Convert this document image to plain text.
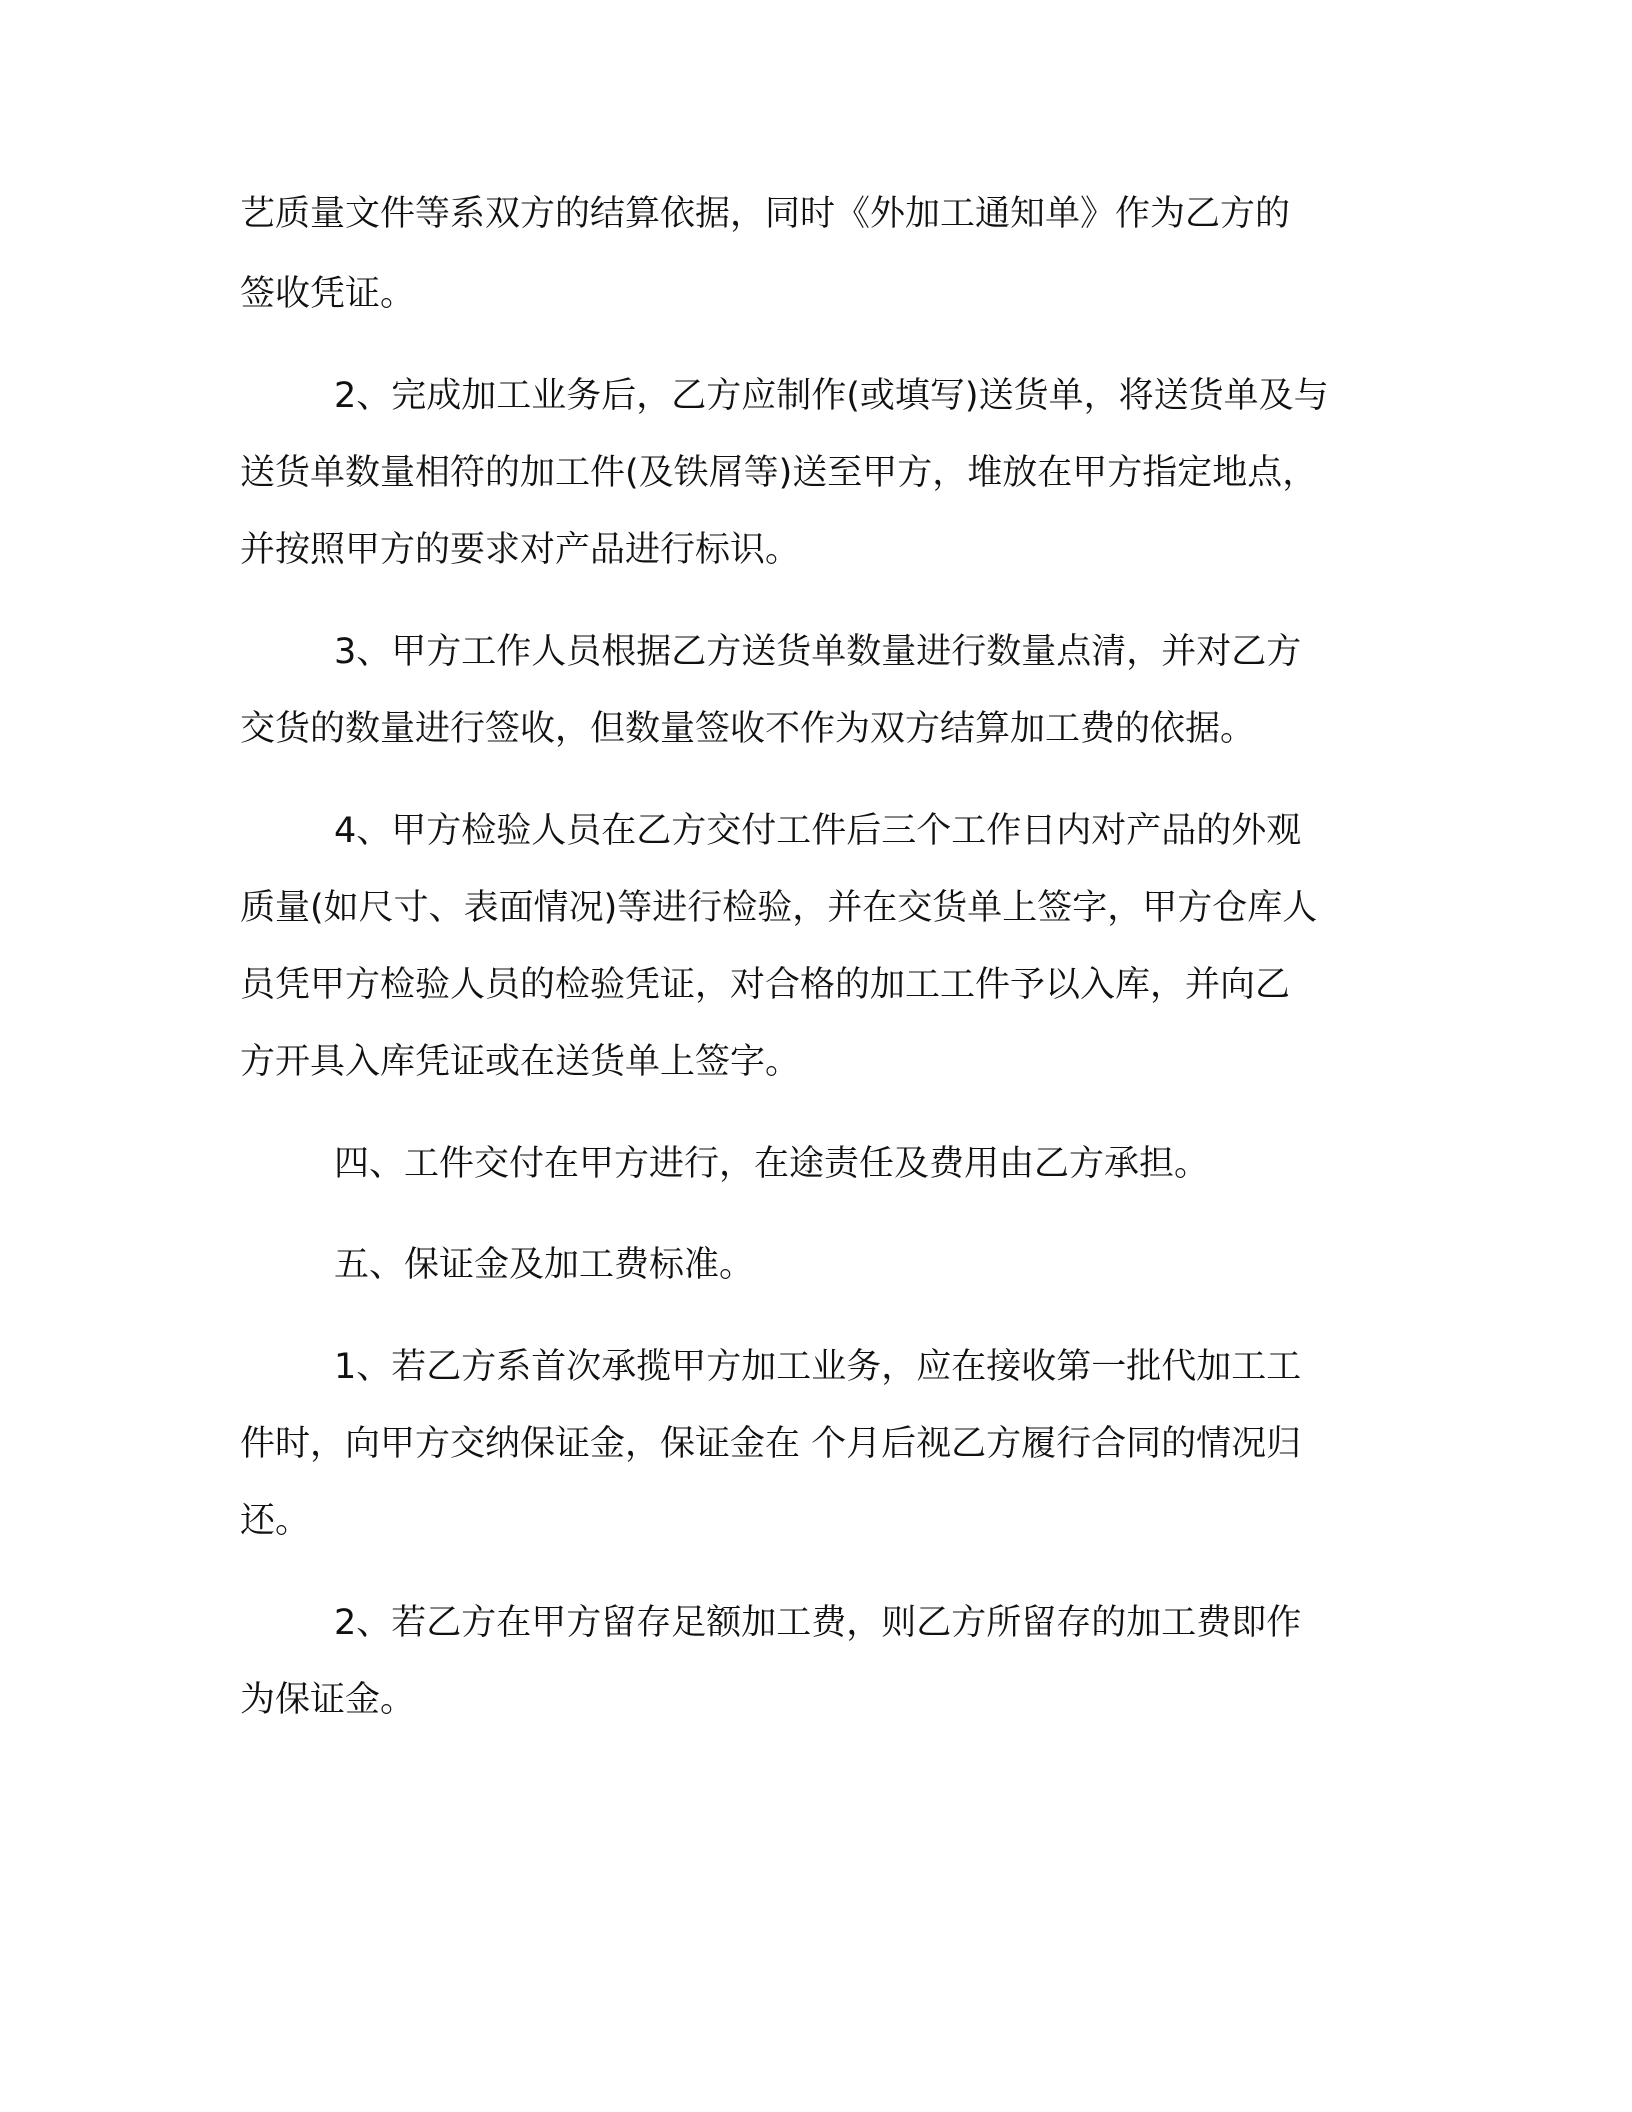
艺质量文件等系双方的结算依据，同时《外加工通知单》作为乙方的
签收凭证。
2、完成加工业务后，乙方应制作(或填写)送货单，将送货单及与
送货单数量相符的加工件(及铁屑等)送至甲方，堆放在甲方指定地点，
并按照甲方的要求对产品进行标识。
3、甲方工作人员根据乙方送货单数量进行数量点清，并对乙方
交货的数量进行签收，但数量签收不作为双方结算加工费的依据。
4、甲方检验人员在乙方交付工件后三个工作日内对产品的外观
质量(如尺寸、表面情况)等进行检验，并在交货单上签字，甲方仓库人
员凭甲方检验人员的检验凭证，对合格的加工工件予以入库，并向乙
方开具入库凭证或在送货单上签字。
四、工件交付在甲方进行，在途责任及费用由乙方承担。
五、保证金及加工费标准。
1、若乙方系首次承揽甲方加工业务，应在接收第一批代加工工
件时，向甲方交纳保证金，保证金在 个月后视乙方履行合同的情况归
还。
2、若乙方在甲方留存足额加工费，则乙方所留存的加工费即作
为保证金。
